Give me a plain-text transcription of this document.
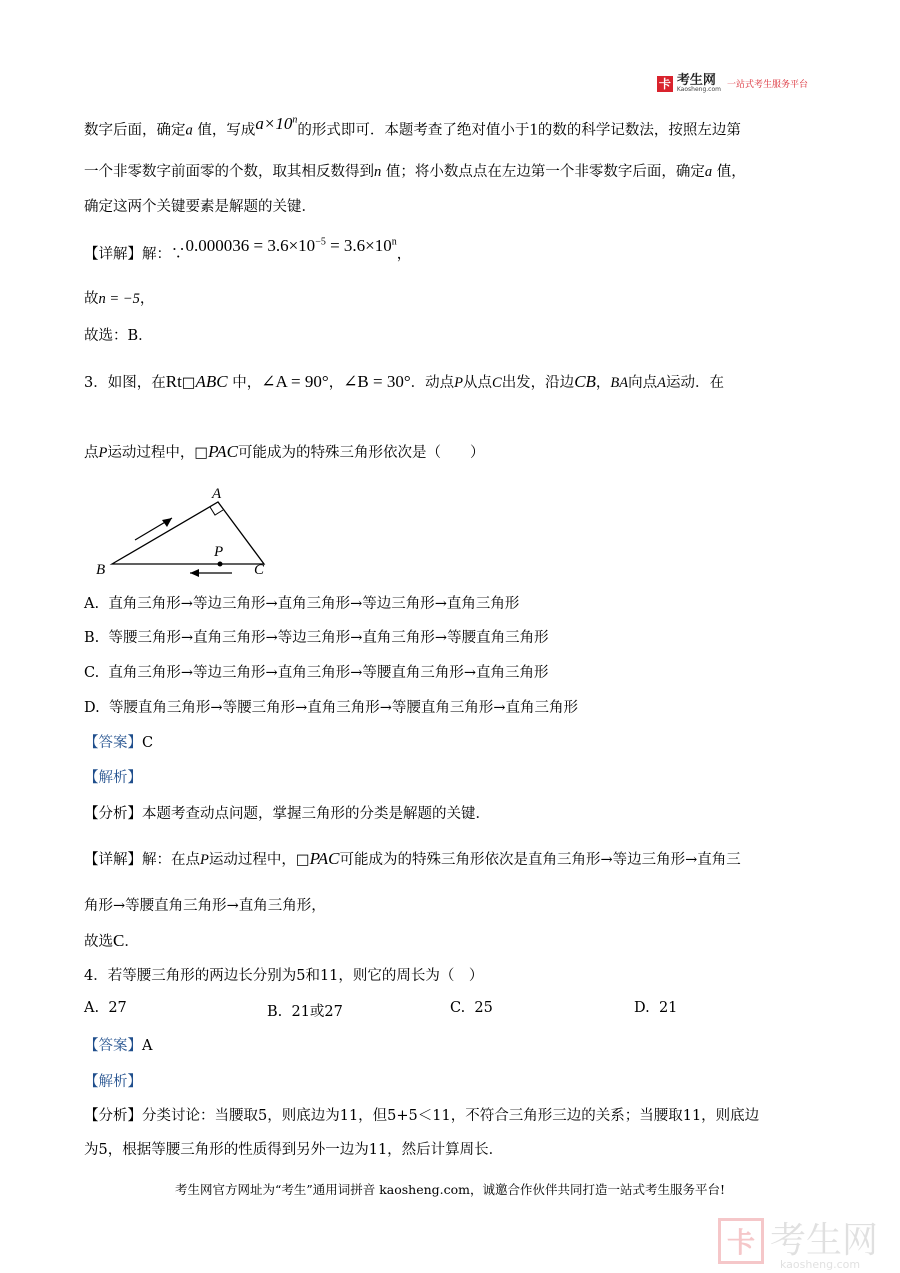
卡 考生网
Kaosheng.com 一站式考生服务平台
数字后面，确定a 值，写成$a\times 10^n$的形式即可．本题考查了绝对值小于1的数的科学记数法，按照左边第
一个非零数字前面零的个数，取其相反数得到n 值；将小数点点在左边第一个非零数字后面，确定a 值，
确定这两个关键要素是解题的关键．
【详解】解：∵0.000036 = $3.6\times 10^{-5} = 3.6\times 10^n$，
故n = −5，
故选：B．
3．如图，在Rt□ABC 中，∠A = 90°，∠B = 30°．动点P从点C出发，沿边CB，BA向点A运动．在
点P运动过程中，□PAC可能成为的特殊三角形依次是（　　）
A
B	C
P
A. 直角三角形→等边三角形→直角三角形→等边三角形→直角三角形
B. 等腰三角形→直角三角形→等边三角形→直角三角形→等腰直角三角形
C. 直角三角形→等边三角形→直角三角形→等腰直角三角形→直角三角形
D. 等腰直角三角形→等腰三角形→直角三角形→等腰直角三角形→直角三角形
【答案】C
【解析】
【分析】本题考查动点问题，掌握三角形的分类是解题的关键．
【详解】解：在点P运动过程中，□PAC可能成为的特殊三角形依次是直角三角形→等边三角形→直角三
角形→等腰直角三角形→直角三角形，
故选C．
4．若等腰三角形的两边长分别为5和11，则它的周长为（　）
A. 27	B. 21或27	C. 25	D. 21
【答案】A
【解析】
【分析】分类讨论：当腰取5，则底边为11，但5+5＜11，不符合三角形三边的关系；当腰取11，则底边
为5，根据等腰三角形的性质得到另外一边为11，然后计算周长．
考生网官方网址为“考生”通用词拼音 kaosheng.com，诚邀合作伙伴共同打造一站式考生服务平台!
卡 考生网
kaosheng.com
